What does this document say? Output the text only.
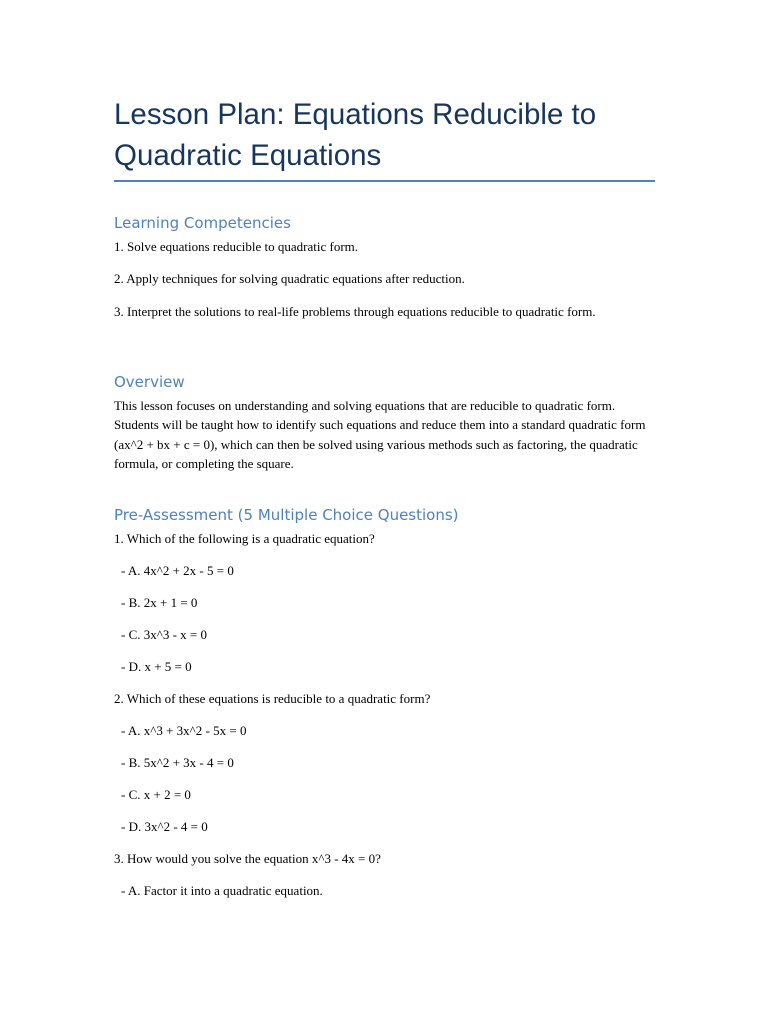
Lesson Plan: Equations Reducible to Quadratic Equations
Learning Competencies

1. Solve equations reducible to quadratic form.

2. Apply techniques for solving quadratic equations after reduction.

3. Interpret the solutions to real-life problems through equations reducible to quadratic form.

Overview

This lesson focuses on understanding and solving equations that are reducible to quadratic form. Students will be taught how to identify such equations and reduce them into a standard quadratic form (ax^2 + bx + c = 0), which can then be solved using various methods such as factoring, the quadratic formula, or completing the square.

Pre-Assessment (5 Multiple Choice Questions)

1. Which of the following is a quadratic equation?

- A. 4x^2 + 2x - 5 = 0

- B. 2x + 1 = 0

- C. 3x^3 - x = 0

- D. x + 5 = 0

2. Which of these equations is reducible to a quadratic form?

- A. x^3 + 3x^2 - 5x = 0

- B. 5x^2 + 3x - 4 = 0

- C. x + 2 = 0

- D. 3x^2 - 4 = 0

3. How would you solve the equation x^3 - 4x = 0?

- A. Factor it into a quadratic equation.
